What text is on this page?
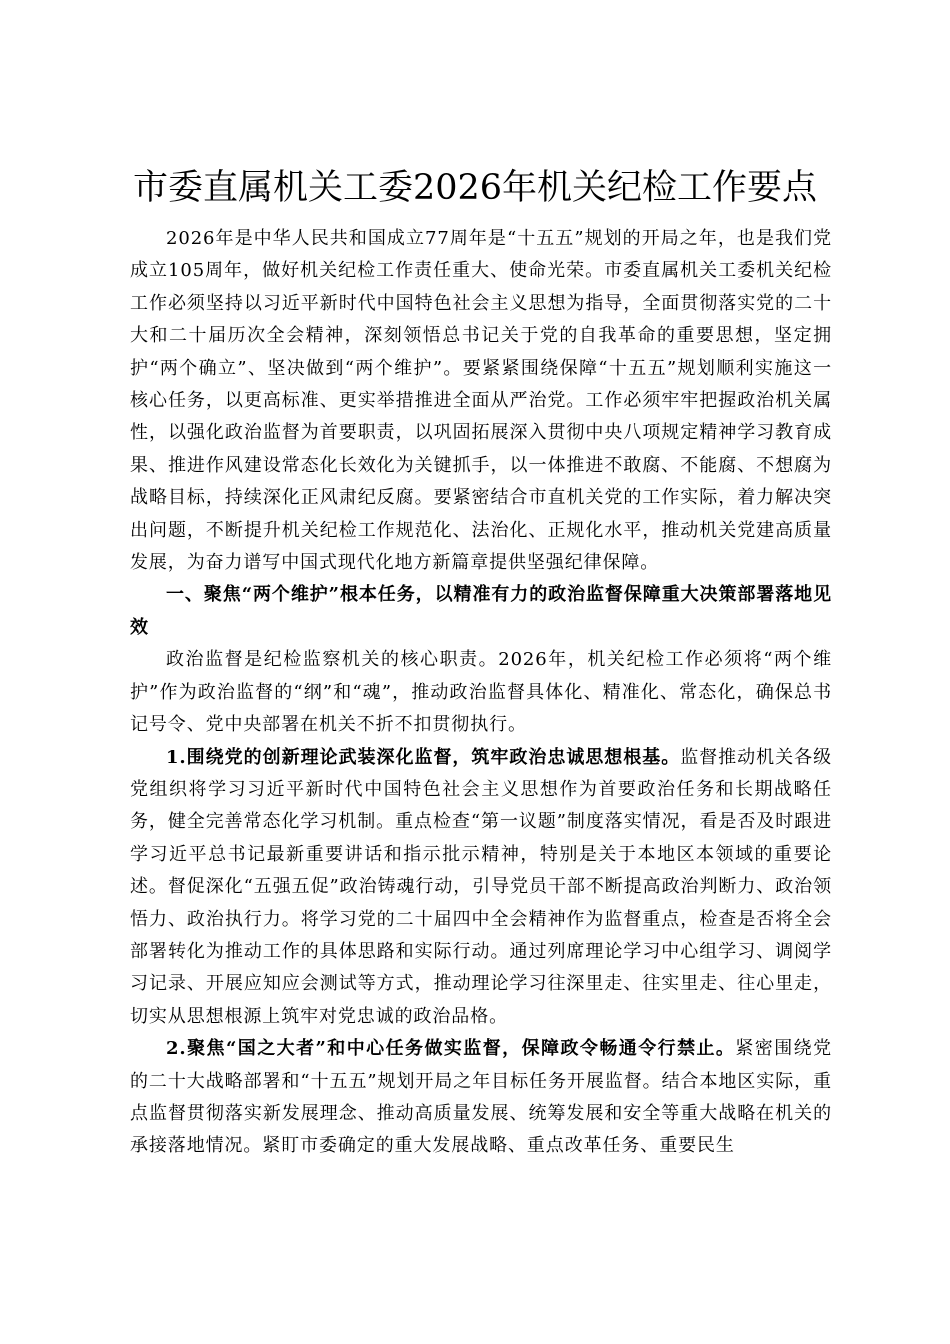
市委直属机关工委2026年机关纪检工作要点

2026年是中华人民共和国成立77周年是“十五五”规划的开局之年，也是我们党成立105周年，做好机关纪检工作责任重大、使命光荣。市委直属机关工委机关纪检工作必须坚持以习近平新时代中国特色社会主义思想为指导，全面贯彻落实党的二十大和二十届历次全会精神，深刻领悟总书记关于党的自我革命的重要思想，坚定拥护“两个确立”、坚决做到“两个维护”。要紧紧围绕保障“十五五”规划顺利实施这一核心任务，以更高标准、更实举措推进全面从严治党。工作必须牢牢把握政治机关属性，以强化政治监督为首要职责，以巩固拓展深入贯彻中央八项规定精神学习教育成果、推进作风建设常态化长效化为关键抓手，以一体推进不敢腐、不能腐、不想腐为战略目标，持续深化正风肃纪反腐。要紧密结合市直机关党的工作实际，着力解决突出问题，不断提升机关纪检工作规范化、法治化、正规化水平，推动机关党建高质量发展，为奋力谱写中国式现代化地方新篇章提供坚强纪律保障。

一、聚焦“两个维护”根本任务，以精准有力的政治监督保障重大决策部署落地见效

政治监督是纪检监察机关的核心职责。2026年，机关纪检工作必须将“两个维护”作为政治监督的“纲”和“魂”，推动政治监督具体化、精准化、常态化，确保总书记号令、党中央部署在机关不折不扣贯彻执行。

1.围绕党的创新理论武装深化监督，筑牢政治忠诚思想根基。监督推动机关各级党组织将学习习近平新时代中国特色社会主义思想作为首要政治任务和长期战略任务，健全完善常态化学习机制。重点检查“第一议题”制度落实情况，看是否及时跟进学习近平总书记最新重要讲话和指示批示精神，特别是关于本地区本领域的重要论述。督促深化“五强五促”政治铸魂行动，引导党员干部不断提高政治判断力、政治领悟力、政治执行力。将学习党的二十届四中全会精神作为监督重点，检查是否将全会部署转化为推动工作的具体思路和实际行动。通过列席理论学习中心组学习、调阅学习记录、开展应知应会测试等方式，推动理论学习往深里走、往实里走、往心里走，切实从思想根源上筑牢对党忠诚的政治品格。

2.聚焦“国之大者”和中心任务做实监督，保障政令畅通令行禁止。紧密围绕党的二十大战略部署和“十五五”规划开局之年目标任务开展监督。结合本地区实际，重点监督贯彻落实新发展理念、推动高质量发展、统筹发展和安全等重大战略在机关的承接落地情况。紧盯市委确定的重大发展战略、重点改革任务、重要民生
